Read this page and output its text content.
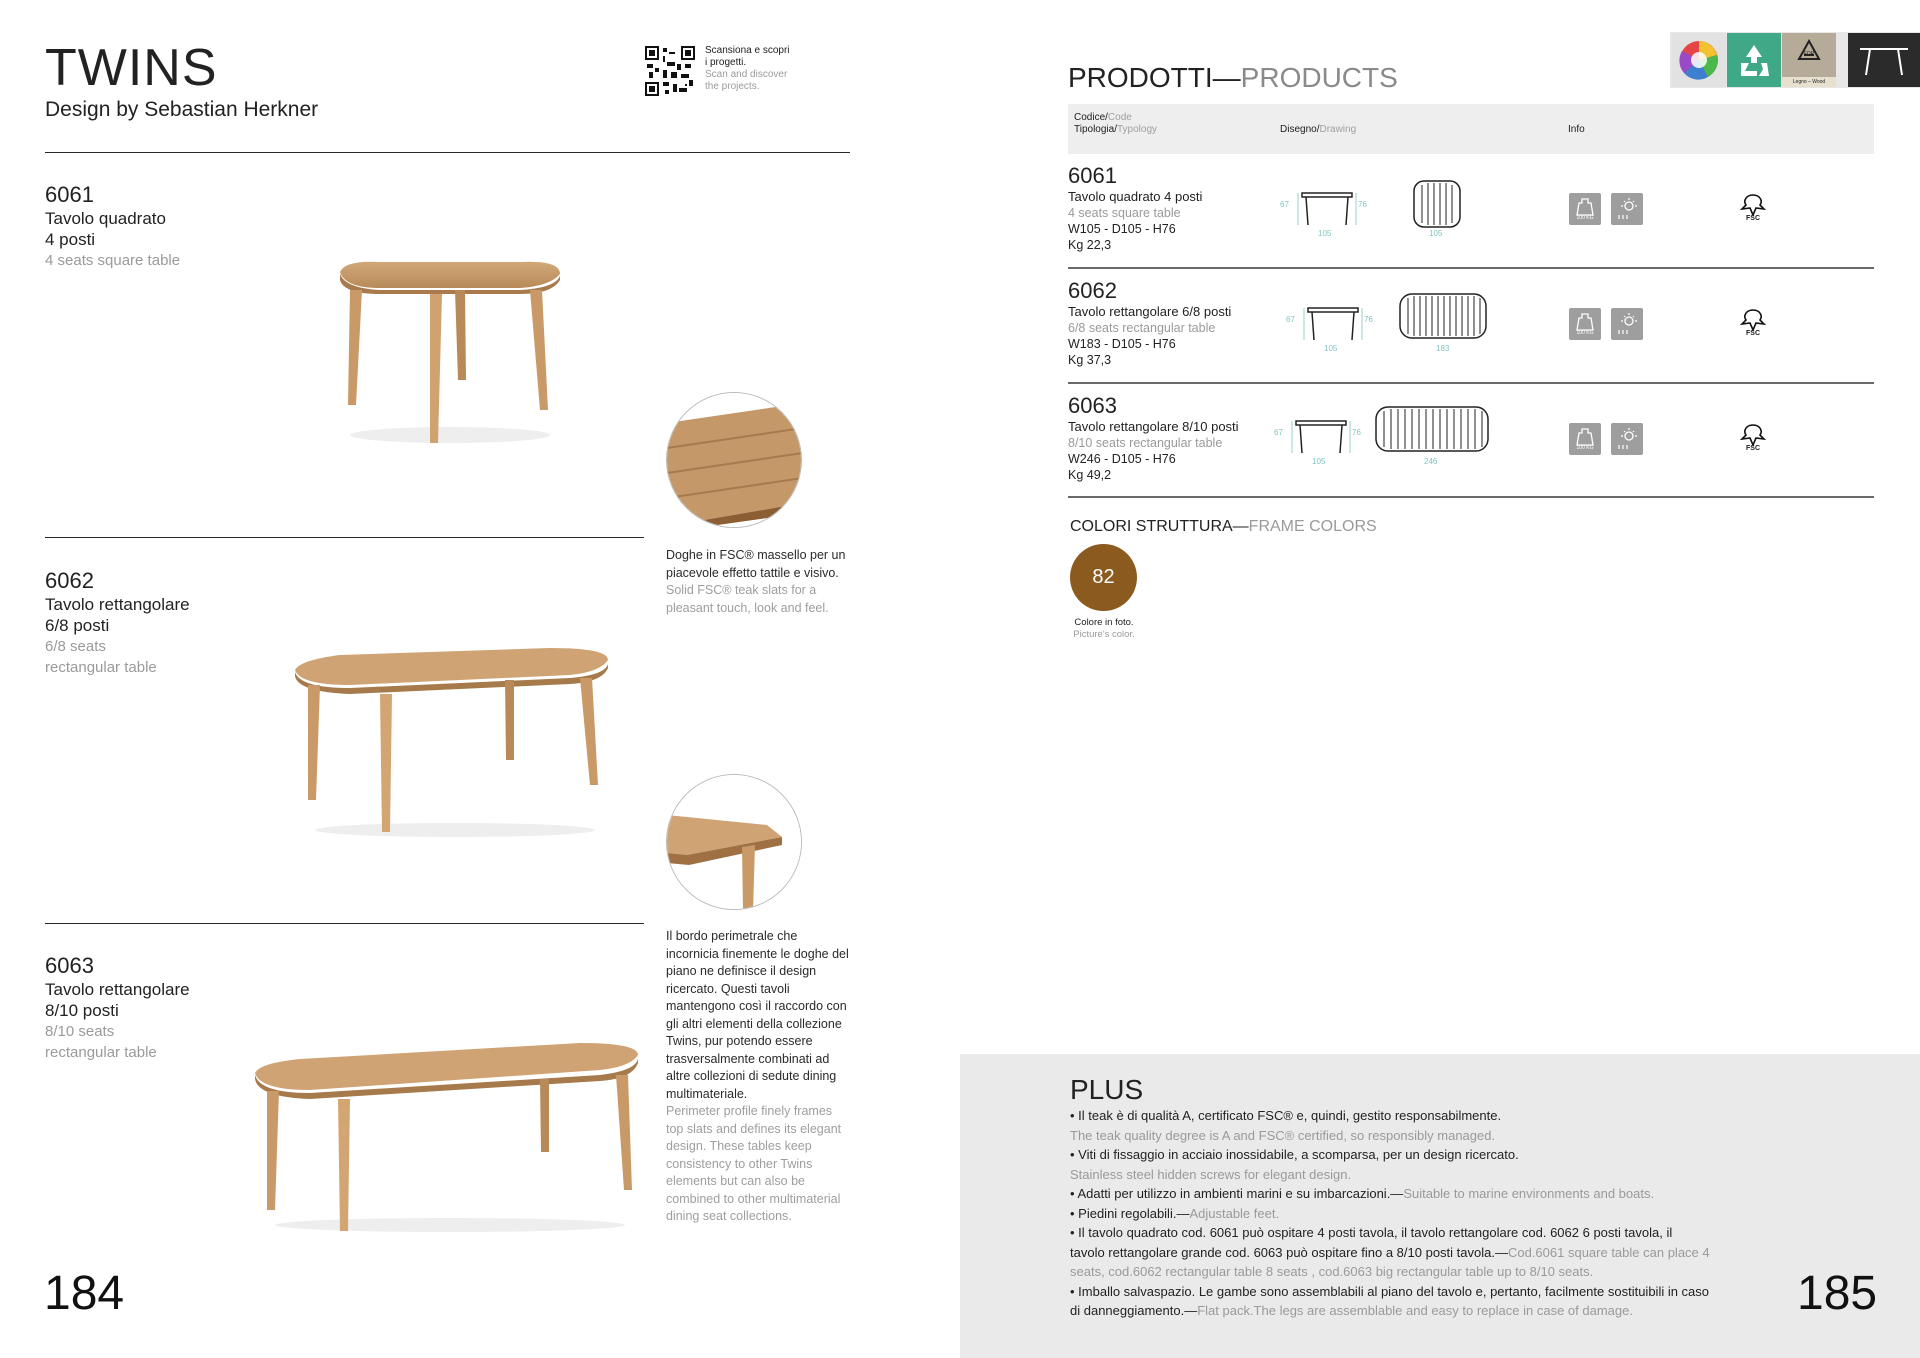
TWINS
Design by Sebastian Herkner
Scansiona e scopri
i progetti.
Scan and discover
the projects.
6061
Tavolo quadrato
4 posti
4 seats square table
Doghe in FSC® massello per un piacevole effetto tattile e visivo.
Solid FSC® teak slats for a pleasant touch, look and feel.
6062
Tavolo rettangolare
6/8 posti
6/8 seats
rectangular table
Il bordo perimetrale che incornicia finemente le doghe del piano ne definisce il design ricercato. Questi tavoli mantengono così il raccordo con gli altri elementi della collezione Twins, pur potendo essere trasversalmente combinati ad altre collezioni di sedute dining multimateriale.
Perimeter profile finely frames top slats and defines its elegant design. These tables keep consistency to other Twins elements but can also be combined to other multimaterial dining seat collections.
6063
Tavolo rettangolare
8/10 posti
8/10 seats
rectangular table
184
PRODOTTI—PRODUCTS
FOR
Legno – Wood
Codice/Code
Tipologia/Typology	Disegno/Drawing	Info
6061
Tavolo quadrato 4 posti
4 seats square table
W105 - D105 - H76
Kg 22,3
67	76
105	105
100 KG	FSC
6062
Tavolo rettangolare 6/8 posti
6/8 seats rectangular table
W183 - D105 - H76
Kg 37,3
67	76
105	183
100 KG	FSC
6063
Tavolo rettangolare 8/10 posti
8/10 seats rectangular table
W246 - D105 - H76
Kg 49,2
67	76
105	246
100 KG	FSC
COLORI STRUTTURA—FRAME COLORS
82
Colore in foto.
Picture's color.
PLUS
• Il teak è di qualità A, certificato FSC® e, quindi, gestito responsabilmente.
The teak quality degree is A and FSC® certified, so responsibly managed.
• Viti di fissaggio in acciaio inossidabile, a scomparsa, per un design ricercato.
Stainless steel hidden screws for elegant design.
• Adatti per utilizzo in ambienti marini e su imbarcazioni.—Suitable to marine environments and boats.
• Piedini regolabili.—Adjustable feet.
• Il tavolo quadrato cod. 6061 può ospitare 4 posti tavola, il tavolo rettangolare cod. 6062 6 posti tavola, il tavolo rettangolare grande cod. 6063 può ospitare fino a 8/10 posti tavola.—Cod.6061 square table can place 4 seats, cod.6062 rectangular table 8 seats , cod.6063 big rectangular table up to 8/10 seats.
• Imballo salvaspazio. Le gambe sono assemblabili al piano del tavolo e, pertanto, facilmente sostituibili in caso di danneggiamento.—Flat pack.The legs are assemblable and easy to replace in case of damage.	185
